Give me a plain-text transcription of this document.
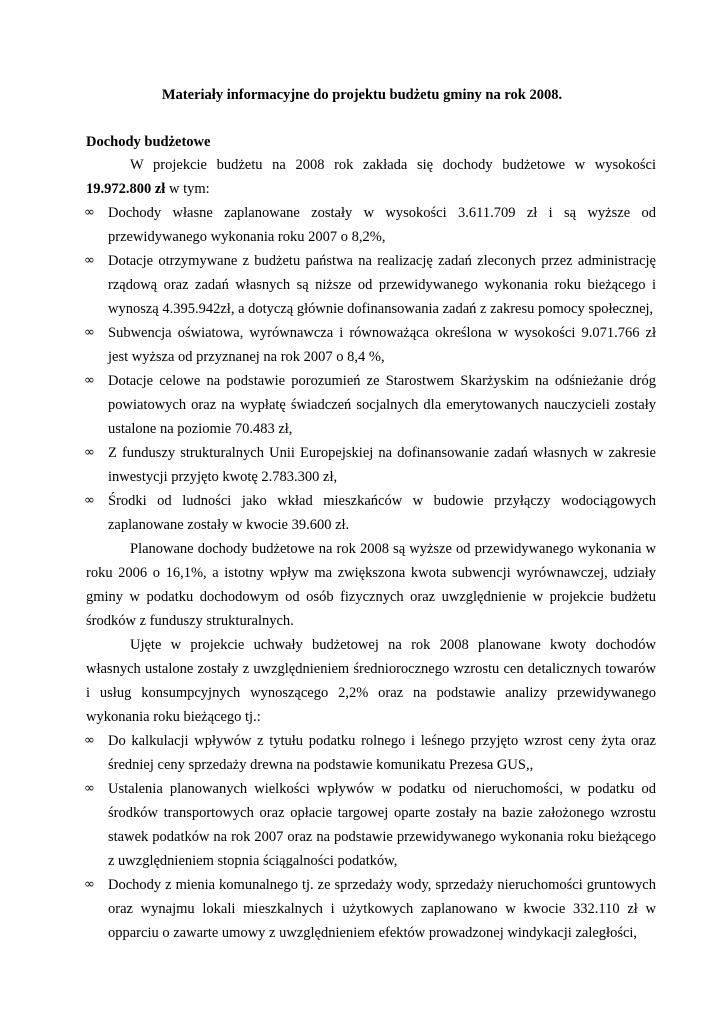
Materiały informacyjne do projektu budżetu gminy na rok 2008.
Dochody budżetowe

W projekcie budżetu na 2008 rok zakłada się dochody budżetowe w wysokości 19.972.800 zł w tym:

∞ Dochody własne zaplanowane zostały w wysokości 3.611.709 zł i są wyższe od przewidywanego wykonania roku 2007 o 8,2%,
∞ Dotacje otrzymywane z budżetu państwa na realizację zadań zleconych przez administrację rządową oraz zadań własnych są niższe od przewidywanego wykonania roku bieżącego i wynoszą 4.395.942zł, a dotyczą głównie dofinansowania zadań z zakresu pomocy społecznej,
∞ Subwencja oświatowa, wyrównawcza i równoważąca określona w wysokości 9.071.766 zł jest wyższa od przyznanej na rok 2007 o 8,4 %,
∞ Dotacje celowe na podstawie porozumień ze Starostwem Skarżyskim na odśnieżanie dróg powiatowych oraz na wypłatę świadczeń socjalnych dla emerytowanych nauczycieli zostały ustalone na poziomie 70.483 zł,
∞ Z funduszy strukturalnych Unii Europejskiej na dofinansowanie zadań własnych w zakresie inwestycji przyjęto kwotę 2.783.300 zł,
∞ Środki od ludności jako wkład mieszkańców w budowie przyłączy wodociągowych zaplanowane zostały w kwocie 39.600 zł.

Planowane dochody budżetowe na rok 2008 są wyższe od przewidywanego wykonania w roku 2006 o 16,1%, a istotny wpływ ma zwiększona kwota subwencji wyrównawczej, udziały gminy w podatku dochodowym od osób fizycznych oraz uwzględnienie w projekcie budżetu środków z funduszy strukturalnych.

Ujęte w projekcie uchwały budżetowej na rok 2008 planowane kwoty dochodów własnych ustalone zostały z uwzględnieniem średniorocznego wzrostu cen detalicznych towarów i usług konsumpcyjnych wynoszącego 2,2% oraz na podstawie analizy przewidywanego wykonania roku bieżącego tj.:

∞ Do kalkulacji wpływów z tytułu podatku rolnego i leśnego przyjęto wzrost ceny żyta oraz średniej ceny sprzedaży drewna na podstawie komunikatu Prezesa GUS,,
∞ Ustalenia planowanych wielkości wpływów w podatku od nieruchomości, w podatku od środków transportowych oraz opłacie targowej oparte zostały na bazie założonego wzrostu stawek podatków na rok 2007 oraz na podstawie przewidywanego wykonania roku bieżącego z uwzględnieniem stopnia ściągalności podatków,
∞ Dochody z mienia komunalnego tj. ze sprzedaży wody, sprzedaży nieruchomości gruntowych oraz wynajmu lokali mieszkalnych i użytkowych zaplanowano w kwocie 332.110 zł w opparciu o zawarte umowy z uwzględnieniem efektów prowadzonej windykacji zaległości,
